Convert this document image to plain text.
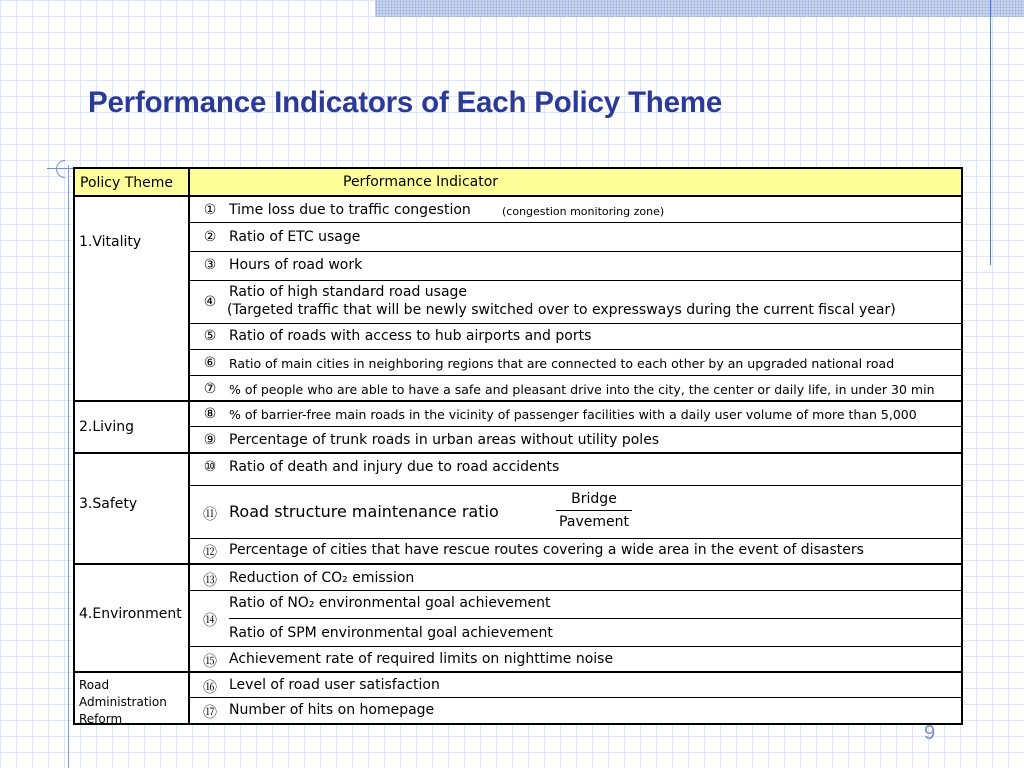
Performance Indicators of Each Policy Theme
Policy Theme
1.Vitality
2.Living
3.Safety
4.Environment
Road
Administration
Reform
Performance Indicator
① Time loss due to traffic congestion	(congestion monitoring zone)
② Ratio of ETC usage
③ Hours of road work
④
Ratio of high standard road usage
(Targeted traffic that will be newly switched over to expressways during the current fiscal year)
⑤ Ratio of roads with access to hub airports and ports
⑥ Ratio of main cities in neighboring regions that are connected to each other by an upgraded national road
⑦ % of people who are able to have a safe and pleasant drive into the city, the center or daily life, in under 30 min
⑧ % of barrier-free main roads in the vicinity of passenger facilities with a daily user volume of more than 5,000
⑨ Percentage of trunk roads in urban areas without utility poles
⑩ Ratio of death and injury due to road accidents
⑪ Road structure maintenance ratio
Bridge
Pavement
⑫ Percentage of cities that have rescue routes covering a wide area in the event of disasters
⑬ Reduction of CO₂ emission
⑭
Ratio of NO₂ environmental goal achievement
Ratio of SPM environmental goal achievement
⑮ Achievement rate of required limits on nighttime noise
⑯ Level of road user satisfaction
⑰ Number of hits on homepage
9
